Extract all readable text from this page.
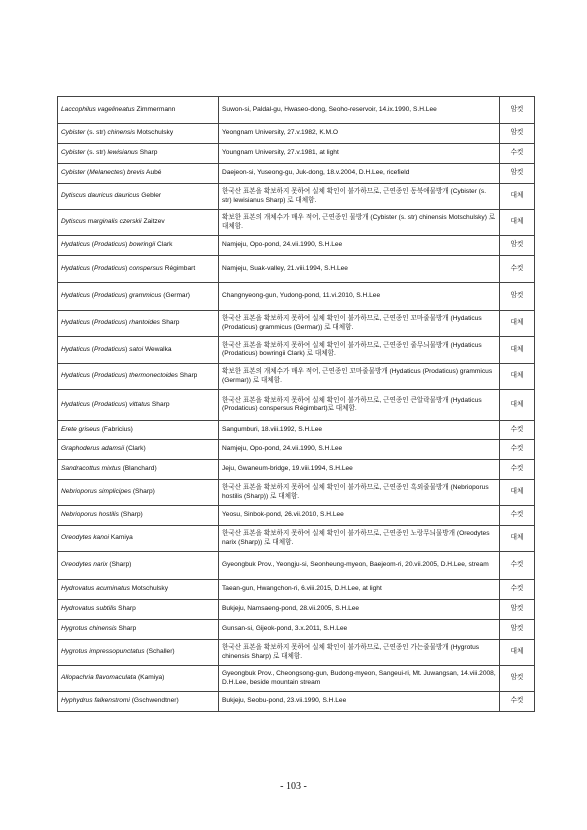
Laccophilus vagelineatus Zimmermann	Suwon-si, Paldal-gu, Hwaseo-dong, Seoho-reservoir, 14.ix.1990, S.H.Lee	암컷
Cybister (s. str) chinensis Motschulsky	Yeongnam University, 27.v.1982, K.M.O	암컷
Cybister (s. str) lewisianus Sharp	Youngnam University, 27.v.1981, at light	수컷
Cybister (Melanectes) brevis Aubé	Daejeon-si, Yuseong-gu, Juk-dong, 18.v.2004, D.H.Lee, ricefield	암컷
Dytiscus dauricus dauricus Gebler	한국산 표본을 확보하지 못하여 실체 확인이 불가하므로, 근연종인 동북애물방개 (Cybister (s. str) lewisianus Sharp) 로 대체함.	대체
Dytiscus marginalis czerskii Zaitzev	확보한 표본의 개체수가 매우 적어, 근연종인 물방개 (Cybister (s. str) chinensis Motschulsky) 로 대체함.	대체
Hydaticus (Prodaticus) bowringii Clark	Namjeju, Opo-pond, 24.vii.1990, S.H.Lee	암컷
Hydaticus (Prodaticus) conspersus Régimbart	Namjeju, Suak-valley, 21.viii.1994, S.H.Lee	수컷
Hydaticus (Prodaticus) grammicus (Germar)	Changnyeong-gun, Yudong-pond, 11.vi.2010, S.H.Lee	암컷
Hydaticus (Prodaticus) rhantoides Sharp	한국산 표본을 확보하지 못하여 실체 확인이 불가하므로, 근연종인 꼬마줄물방개 (Hydaticus (Prodaticus) grammicus (Germar)) 로 대체함.	대체
Hydaticus (Prodaticus) satoi Wewalka	한국산 표본을 확보하지 못하여 실체 확인이 불가하므로, 근연종인 줄무늬물방개 (Hydaticus (Prodaticus) bowringii Clark) 로 대체함.	대체
Hydaticus (Prodaticus) thermonectoides Sharp	확보한 표본의 개체수가 매우 적어, 근연종인 꼬마줄물방개 (Hydaticus (Prodaticus) grammicus (Germar)) 로 대체함.	대체
Hydaticus (Prodaticus) vittatus Sharp	한국산 표본을 확보하지 못하여 실체 확인이 불가하므로, 근연종인 큰알락물방개 (Hydaticus (Prodaticus) conspersus Régimbart)로 대체함.	대체
Erete griseus (Fabricius)	Sangumburi, 18.viii.1992, S.H.Lee	수컷
Graphoderus adamsii (Clark)	Namjeju, Opo-pond, 24.vii.1990, S.H.Lee	수컷
Sandracottus mixtus (Blanchard)	Jeju, Gwaneum-bridge, 19.viii.1994, S.H.Lee	수컷
Nebrioporus simplicipes (Sharp)	한국산 표본을 확보하지 못하여 실체 확인이 불가하므로, 근연종인 흑외줄물방개 (Nebrioporus hostilis (Sharp)) 로 대체함.	대체
Nebrioporus hostilis (Sharp)	Yeosu, Sinbok-pond, 26.vii.2010, S.H.Lee	수컷
Oreodytes kanoi Kamiya	한국산 표본을 확보하지 못하여 실체 확인이 불가하므로, 근연종인 노랑무늬물방개 (Oreodytes narix (Sharp)) 로 대체함.	대체
Oreodytes narix (Sharp)	Gyeongbuk Prov., Yeongju-si, Seonheung-myeon, Baejeom-ri, 20.vii.2005, D.H.Lee, stream	수컷
Hydrovatus acuminatus Motschulsky	Taean-gun, Hwangchon-ri, 6.viii.2015, D.H.Lee, at light	수컷
Hydrovatus subtilis Sharp	Bukjeju, Namsaeng-pond, 28.vii.2005, S.H.Lee	암컷
Hygrotus chinensis Sharp	Gunsan-si, Gijeok-pond, 3.x.2011, S.H.Lee	암컷
Hygrotus impressopunctatus (Schaller)	한국산 표본을 확보하지 못하여 실체 확인이 불가하므로, 근연종인 가는줄물방개 (Hygrotus chinensis Sharp) 로 대체함.	대체
Allopachria flavomaculata (Kamiya)	Gyeongbuk Prov., Cheongsong-gun, Budong-myeon, Sangeui-ri, Mt. Juwangsan, 14.viii.2008, D.H.Lee, beside mountain stream	암컷
Hyphydrus falkenstromi (Gschwendtner)	Bukjeju, Seobu-pond, 23.vii.1990, S.H.Lee	수컷
- 103 -
